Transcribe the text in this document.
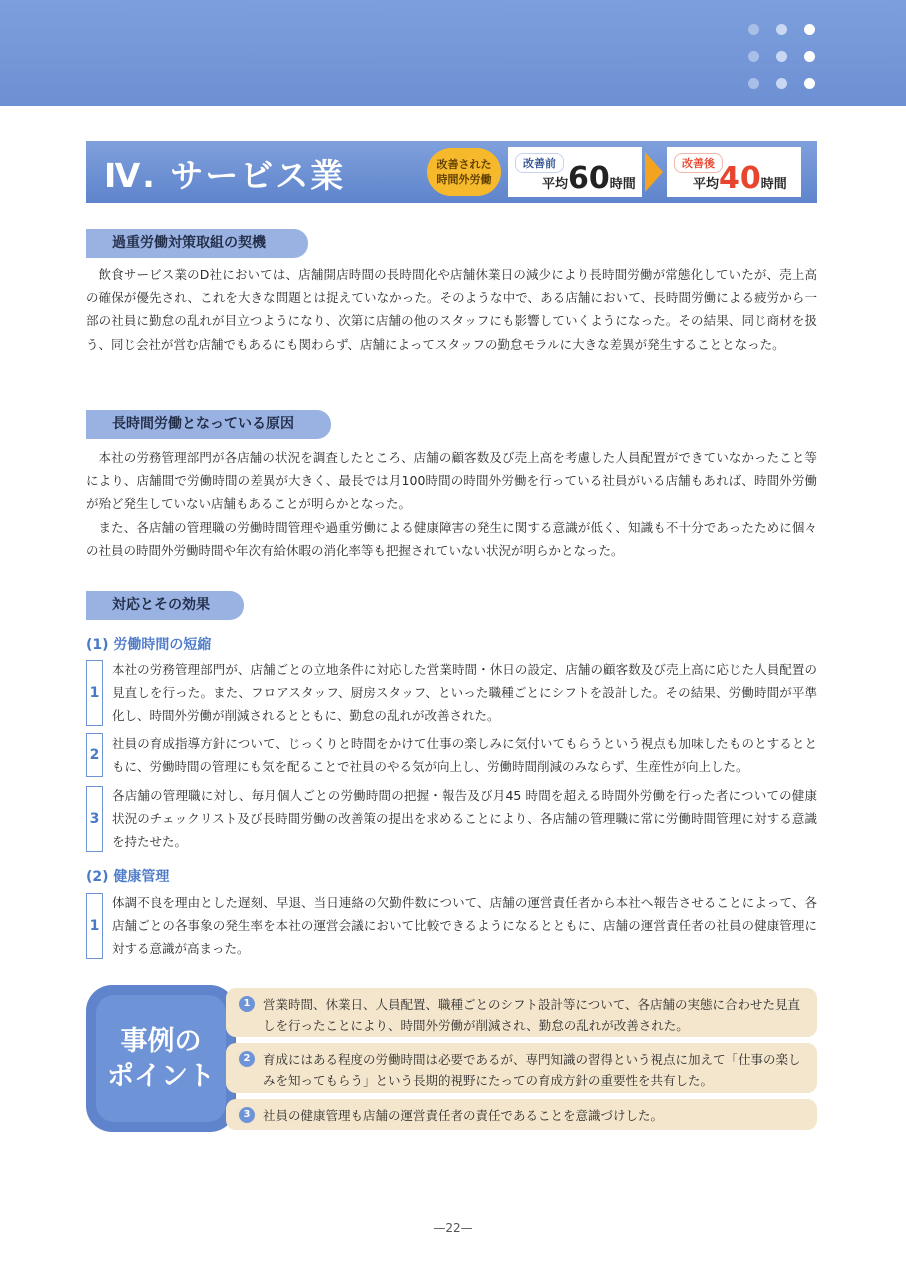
Ⅳ. サービス業	改善された
時間外労働
改善前
平均60時間
改善後
平均40時間
過重労働対策取組の契機

飲食サービス業のD社においては、店舗開店時間の長時間化や店舗休業日の減少により長時間労働が常態化していたが、売上高の確保が優先され、これを大きな問題とは捉えていなかった。そのような中で、ある店舗において、長時間労働による疲労から一部の社員に勤怠の乱れが目立つようになり、次第に店舗の他のスタッフにも影響していくようになった。その結果、同じ商材を扱う、同じ会社が営む店舗でもあるにも関わらず、店舗によってスタッフの勤怠モラルに大きな差異が発生することとなった。

長時間労働となっている原因

本社の労務管理部門が各店舗の状況を調査したところ、店舗の顧客数及び売上高を考慮した人員配置ができていなかったこと等により、店舗間で労働時間の差異が大きく、最長では月100時間の時間外労働を行っている社員がいる店舗もあれば、時間外労働が殆ど発生していない店舗もあることが明らかとなった。

また、各店舗の管理職の労働時間管理や過重労働による健康障害の発生に関する意識が低く、知識も不十分であったために個々の社員の時間外労働時間や年次有給休暇の消化率等も把握されていない状況が明らかとなった。

対応とその効果
(1) 労働時間の短縮
1

本社の労務管理部門が、店舗ごとの立地条件に対応した営業時間・休日の設定、店舗の顧客数及び売上高に応じた人員配置の見直しを行った。また、フロアスタッフ、厨房スタッフ、といった職種ごとにシフトを設計した。その結果、労働時間が平準化し、時間外労働が削減されるとともに、勤怠の乱れが改善された。

2

社員の育成指導方針について、じっくりと時間をかけて仕事の楽しみに気付いてもらうという視点も加味したものとするとともに、労働時間の管理にも気を配ることで社員のやる気が向上し、労働時間削減のみならず、生産性が向上した。

3

各店舗の管理職に対し、毎月個人ごとの労働時間の把握・報告及び月45 時間を超える時間外労働を行った者についての健康状況のチェックリスト及び長時間労働の改善策の提出を求めることにより、各店舗の管理職に常に労働時間管理に対する意識を持たせた。

(2) 健康管理
1

体調不良を理由とした遅刻、早退、当日連絡の欠勤件数について、店舗の運営責任者から本社へ報告させることによって、各店舗ごとの各事象の発生率を本社の運営会議において比較できるようになるとともに、店舗の運営責任者の社員の健康管理に対する意識が高まった。

事例の
ポイント
1	営業時間、休業日、人員配置、職種ごとのシフト設計等について、各店舗の実態に合わせた見直しを行ったことにより、時間外労働が削減され、勤怠の乱れが改善された。
2	育成にはある程度の労働時間は必要であるが、専門知識の習得という視点に加えて「仕事の楽しみを知ってもらう」という長期的視野にたっての育成方針の重要性を共有した。
3	社員の健康管理も店舗の運営責任者の責任であることを意識づけした。
—22—
